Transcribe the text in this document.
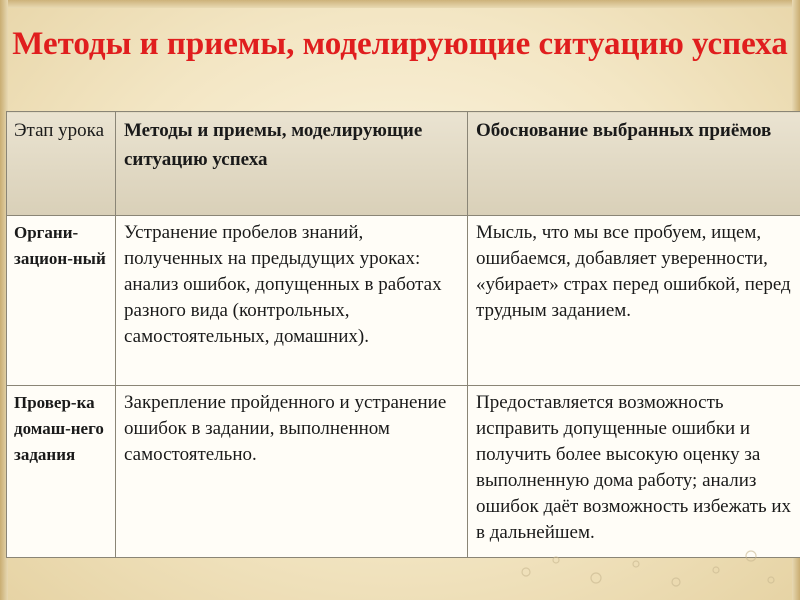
Методы и приемы, моделирующие ситуацию успеха
Этап урока	Методы и приемы, моделирующие ситуацию успеха	Обоснование выбранных приёмов
Органи-зацион-ный	Устранение пробелов знаний, полученных на предыдущих уроках: анализ ошибок, допущенных в работах разного вида (контрольных, самостоятельных, домашних).	Мысль, что мы все пробуем, ищем, ошибаемся, добавляет уверенности, «убирает» страх перед ошибкой, перед трудным заданием.
Провер-ка домаш-него задания	Закрепление пройденного и устранение ошибок в задании, выполненном самостоятельно.	Предоставляется возможность исправить допущенные ошибки и получить более высокую оценку за выполненную дома работу; анализ ошибок даёт возможность избежать их в дальнейшем.
